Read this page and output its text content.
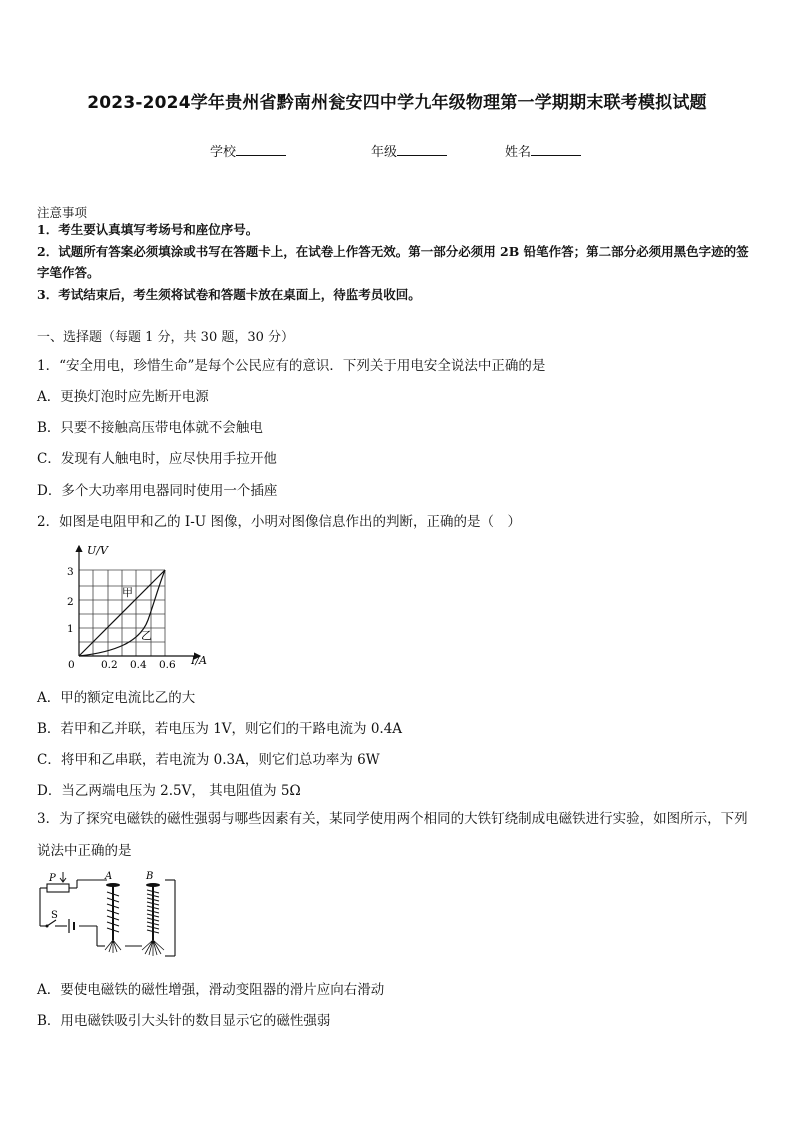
2023-2024学年贵州省黔南州瓮安四中学九年级物理第一学期期末联考模拟试题
学校	年级	姓名
注意事项
1．考生要认真填写考场号和座位序号。
2．试题所有答案必须填涂或书写在答题卡上，在试卷上作答无效。第一部分必须用 2B 铅笔作答；第二部分必须用黑色字迹的签字笔作答。
3．考试结束后，考生须将试卷和答题卡放在桌面上，待监考员收回。
一、选择题（每题 1 分，共 30 题，30 分）
1．“安全用电，珍惜生命”是每个公民应有的意识．下列关于用电安全说法中正确的是
A．更换灯泡时应先断开电源
B．只要不接触高压带电体就不会触电
C．发现有人触电时，应尽快用手拉开他
D．多个大功率用电器同时使用一个插座
2．如图是电阻甲和乙的 I-U 图像，小明对图像信息作出的判断，正确的是（　）
U/V
I/A
3
2
1
0	0.2 0.4 0.6
甲
乙
A．甲的额定电流比乙的大
B．若甲和乙并联，若电压为 1V，则它们的干路电流为 0.4A
C．将甲和乙串联，若电流为 0.3A，则它们总功率为 6W
D．当乙两端电压为 2.5V， 其电阻值为 5Ω
3．为了探究电磁铁的磁性强弱与哪些因素有关，某同学使用两个相同的大铁钉绕制成电磁铁进行实验，如图所示，下列说法中正确的是
P
S
A	B
A．要使电磁铁的磁性增强，滑动变阻器的滑片应向右滑动
B．用电磁铁吸引大头针的数目显示它的磁性强弱
